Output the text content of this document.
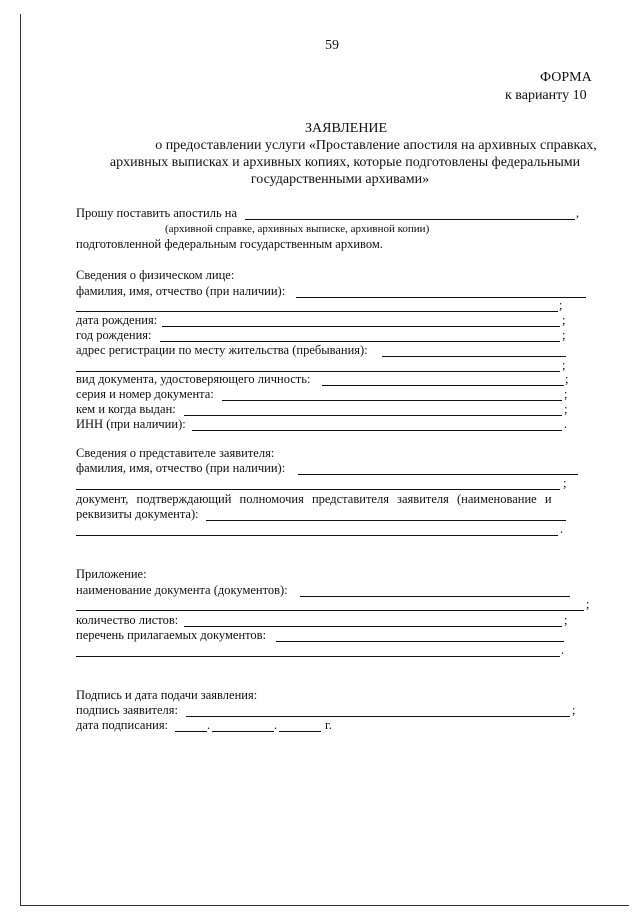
59
ФОРМА
к варианту 10
ЗАЯВЛЕНИЕ
о предоставлении услуги «Проставление апостиля на архивных справках,
архивных выписках и архивных копиях, которые подготовлены федеральными
государственными архивами»
Прошу поставить апостиль на	,
(архивной справке, архивных выписке, архивной копии)
подготовленной федеральным государственным архивом.
Сведения о физическом лице:
фамилия, имя, отчество (при наличии):
;
дата рождения:	;
год рождения:	;
адрес регистрации по месту жительства (пребывания):
;
вид документа, удостоверяющего личность:	;
серия и номер документа:	;
кем и когда выдан:	;
ИНН (при наличии):	.
Сведения о представителе заявителя:
фамилия, имя, отчество (при наличии):
;
документ, подтверждающий полномочия представителя заявителя (наименование и
реквизиты документа):
.
Приложение:
наименование документа (документов):
;
количество листов:	;
перечень прилагаемых документов:
.
Подпись и дата подачи заявления:
подпись заявителя:	;
дата подписания:	.	.	г.
